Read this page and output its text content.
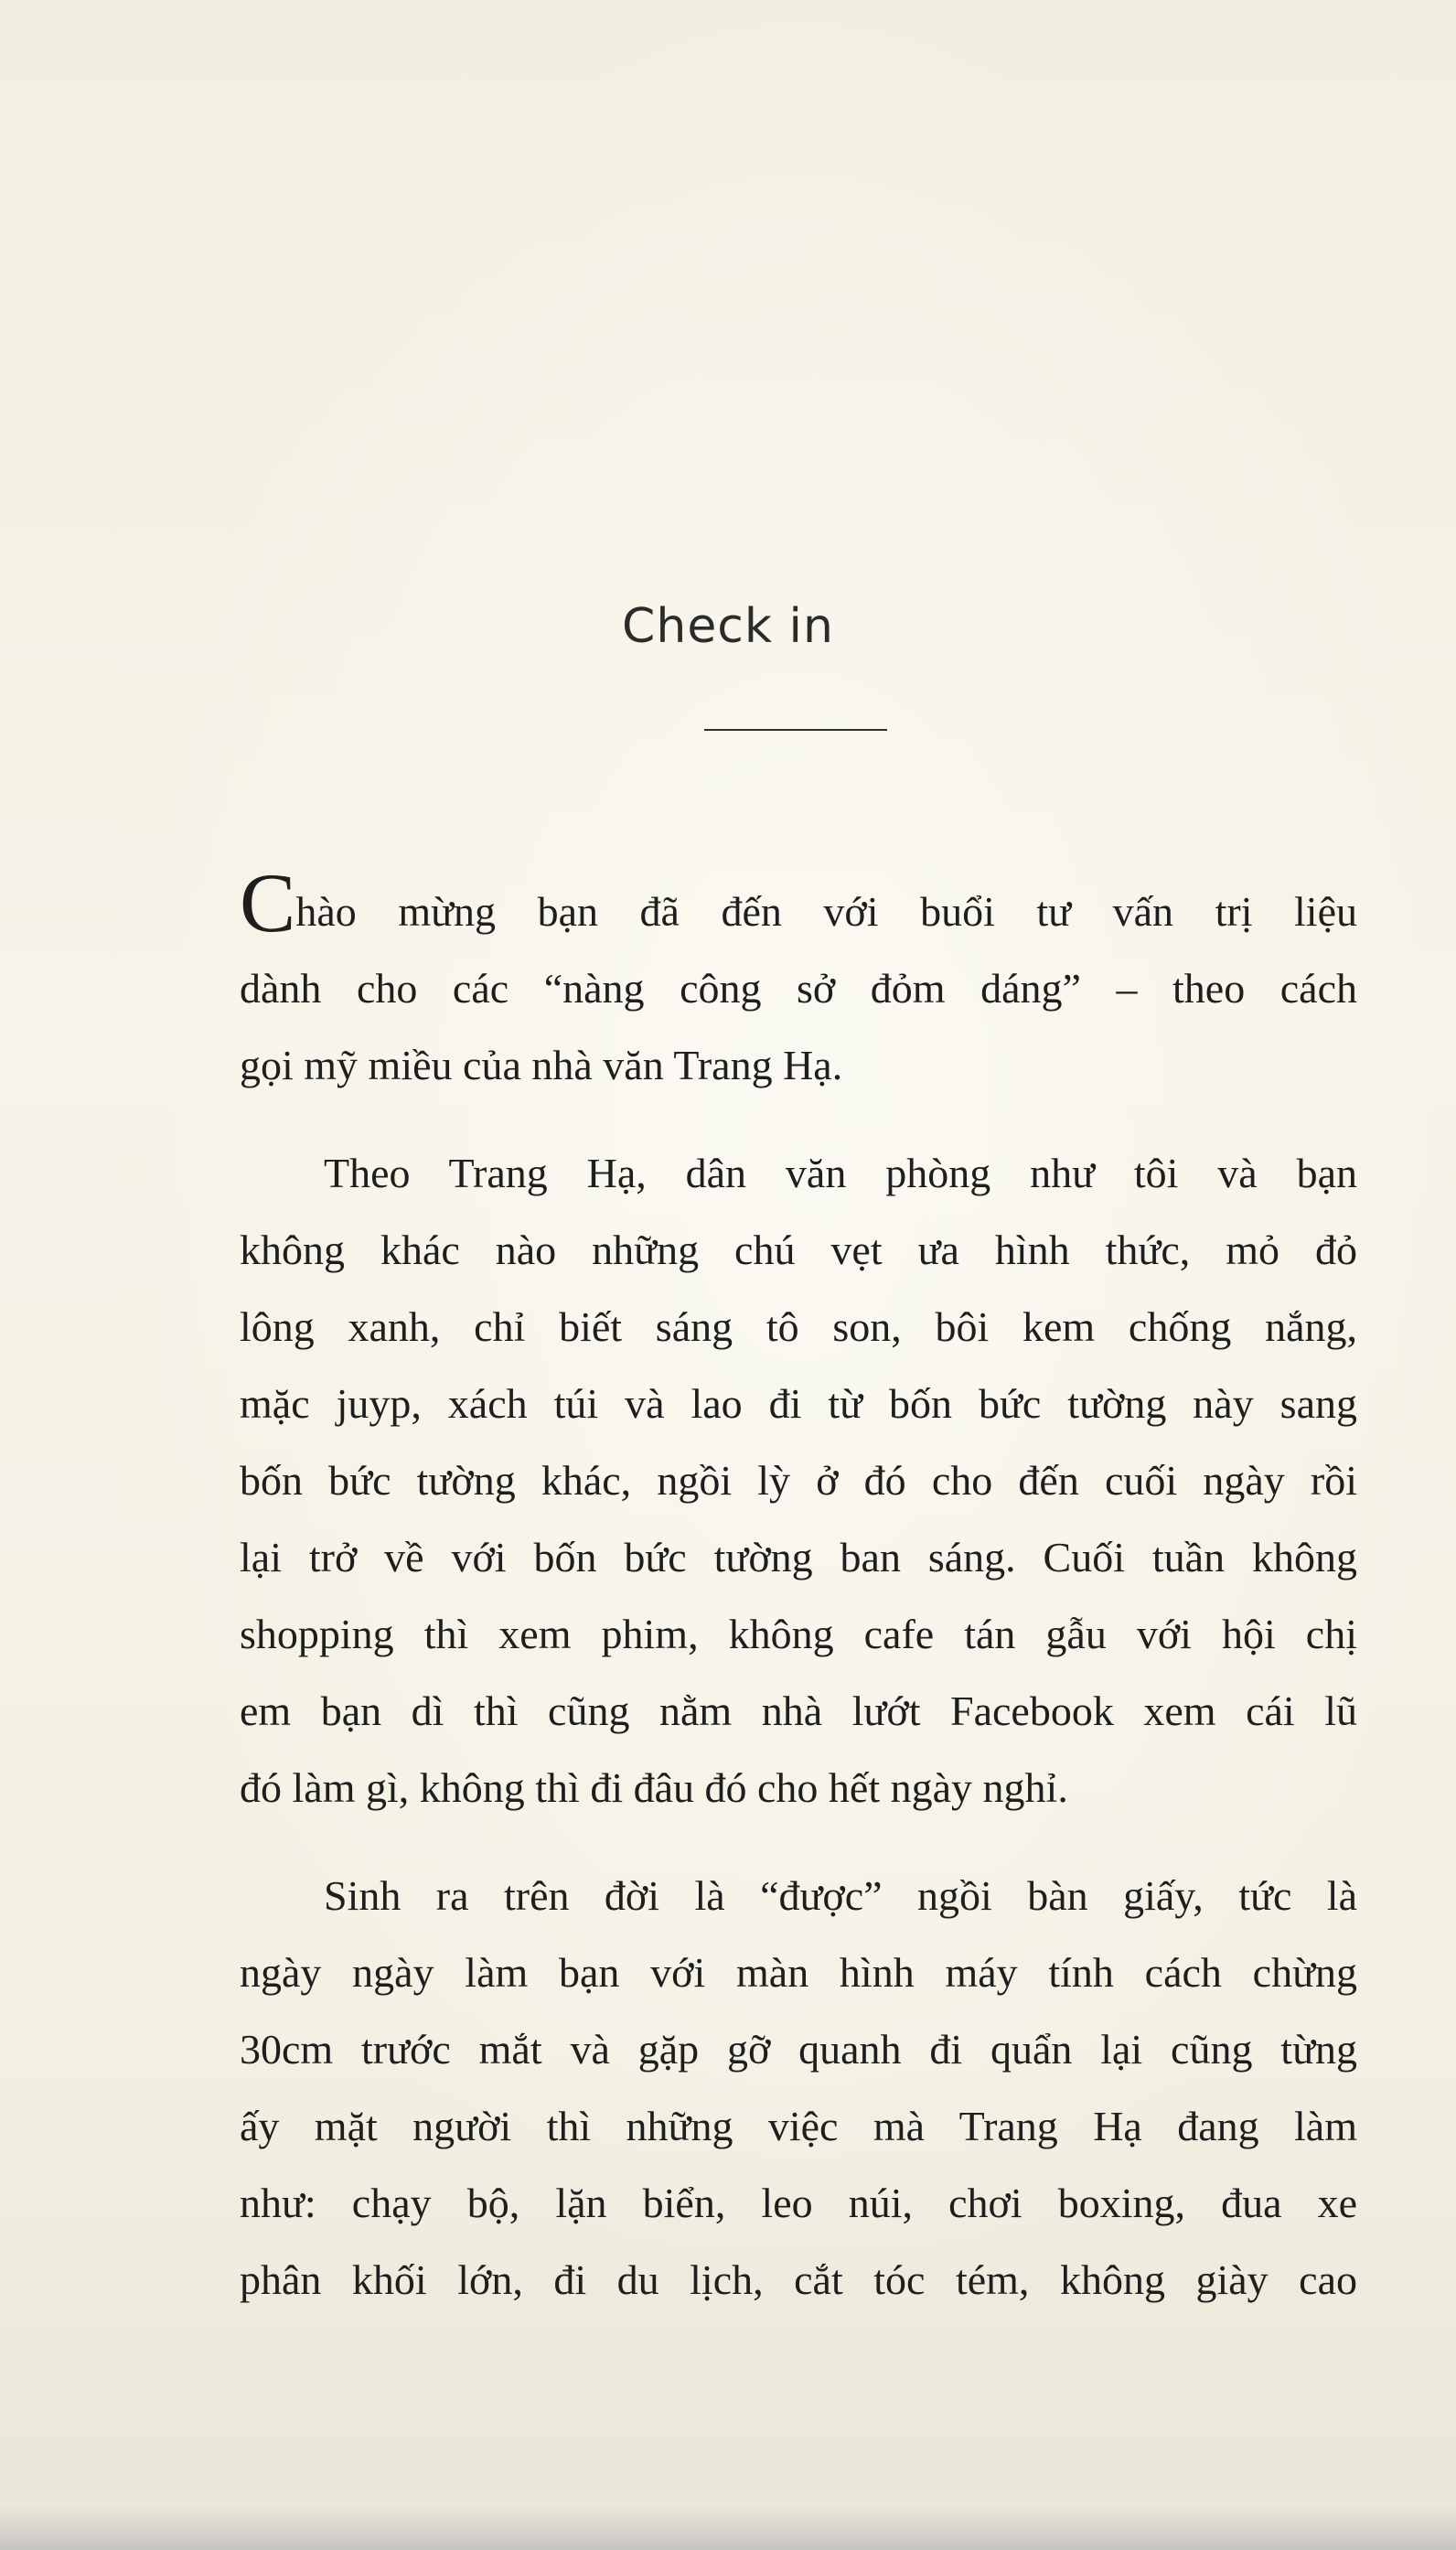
Check in

Chào mừng bạn đã đến với buổi tư vấn trị liệu
dành cho các “nàng công sở đỏm dáng” – theo cách
gọi mỹ miều của nhà văn Trang Hạ.

Theo Trang Hạ, dân văn phòng như tôi và bạn
không khác nào những chú vẹt ưa hình thức, mỏ đỏ
lông xanh, chỉ biết sáng tô son, bôi kem chống nắng,
mặc juyp, xách túi và lao đi từ bốn bức tường này sang
bốn bức tường khác, ngồi lỳ ở đó cho đến cuối ngày rồi
lại trở về với bốn bức tường ban sáng. Cuối tuần không
shopping thì xem phim, không cafe tán gẫu với hội chị
em bạn dì thì cũng nằm nhà lướt Facebook xem cái lũ
đó làm gì, không thì đi đâu đó cho hết ngày nghỉ.

Sinh ra trên đời là “được” ngồi bàn giấy, tức là
ngày ngày làm bạn với màn hình máy tính cách chừng
30cm trước mắt và gặp gỡ quanh đi quẩn lại cũng từng
ấy mặt người thì những việc mà Trang Hạ đang làm
như: chạy bộ, lặn biển, leo núi, chơi boxing, đua xe
phân khối lớn, đi du lịch, cắt tóc tém, không giày cao
